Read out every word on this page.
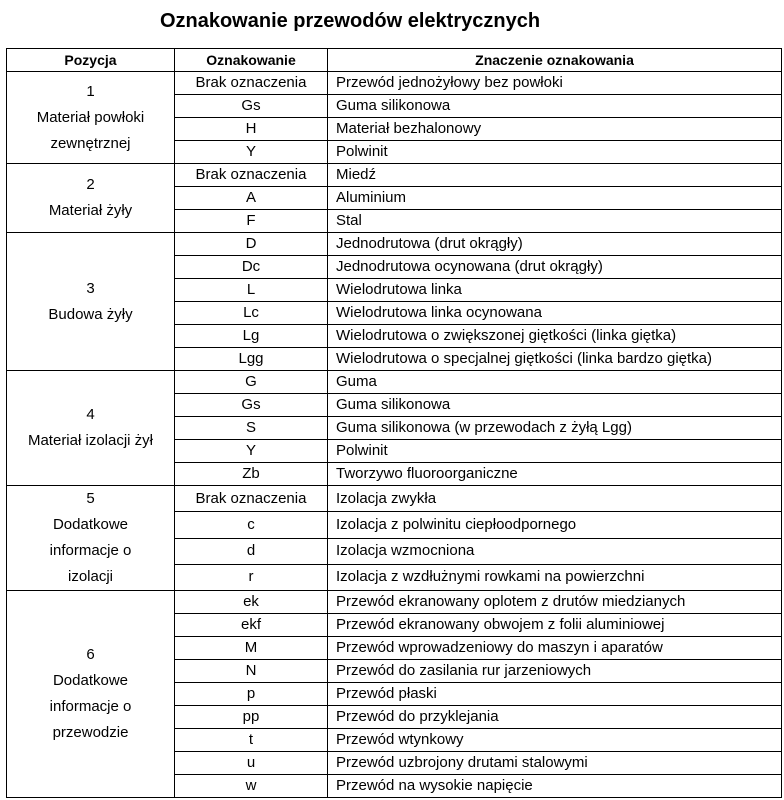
Oznakowanie przewodów elektrycznych
Pozycja	Oznakowanie	Znaczenie oznakowania

1
Materiał powłoki
zewnętrznej	Brak oznaczenia	Przewód jednożyłowy bez powłoki
	Gs	Guma silikonowa
	H	Materiał bezhalonowy
	Y	Polwinit

2
Materiał żyły	Brak oznaczenia	Miedź
	A	Aluminium
	F	Stal

3
Budowa żyły	D	Jednodrutowa (drut okrągły)
	Dc	Jednodrutowa ocynowana (drut okrągły)
	L	Wielodrutowa linka
	Lc	Wielodrutowa linka ocynowana
	Lg	Wielodrutowa o zwiększonej giętkości (linka giętka)
	Lgg	Wielodrutowa o specjalnej giętkości (linka bardzo giętka)

4
Materiał izolacji żył	G	Guma
	Gs	Guma silikonowa
	S	Guma silikonowa (w przewodach z żyłą Lgg)
	Y	Polwinit
	Zb	Tworzywo fluoroorganiczne

5
Dodatkowe
informacje o
izolacji	Brak oznaczenia	Izolacja zwykła
	c	Izolacja z polwinitu ciepłoodpornego
	d	Izolacja wzmocniona
	r	Izolacja z wzdłużnymi rowkami na powierzchni

6
Dodatkowe
informacje o
przewodzie	ek	Przewód ekranowany oplotem z drutów miedzianych
	ekf	Przewód ekranowany obwojem z folii aluminiowej
	M	Przewód wprowadzeniowy do maszyn i aparatów
	N	Przewód do zasilania rur jarzeniowych
	p	Przewód płaski
	pp	Przewód do przyklejania
	t	Przewód wtynkowy
	u	Przewód uzbrojony drutami stalowymi
	w	Przewód na wysokie napięcie
